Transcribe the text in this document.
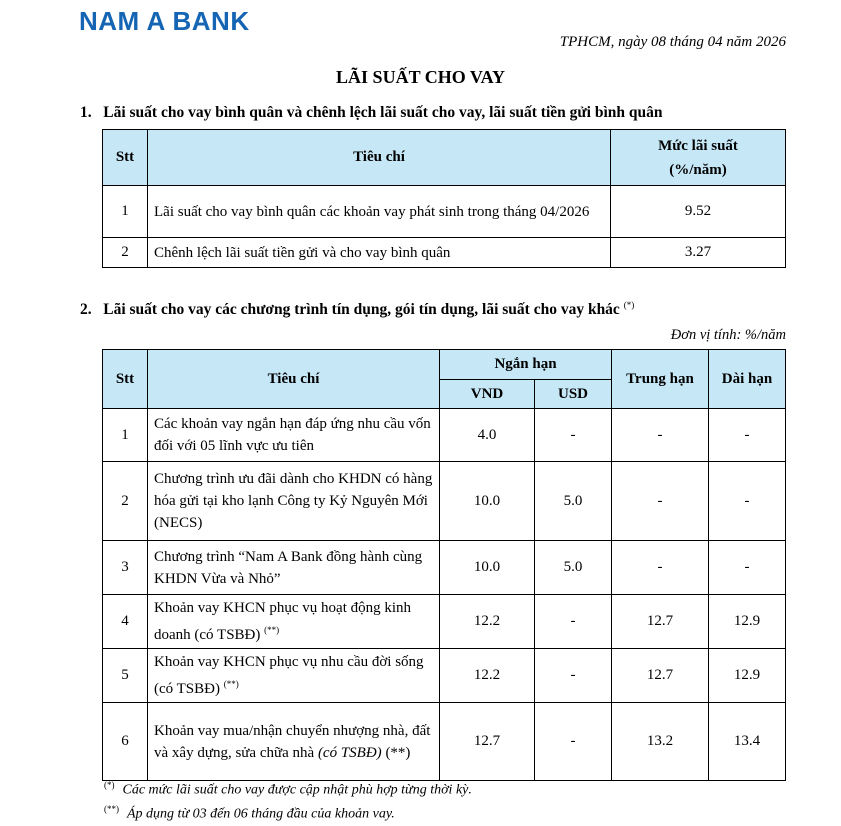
NAM A BANK
TPHCM, ngày 08 tháng 04 năm 2026
LÃI SUẤT CHO VAY
1.   Lãi suất cho vay bình quân và chênh lệch lãi suất cho vay, lãi suất tiền gửi bình quân
Stt	Tiêu chí	Mức lãi suất
(%/năm)
1	Lãi suất cho vay bình quân các khoản vay phát sinh trong tháng 04/2026	9.52
2	Chênh lệch lãi suất tiền gửi và cho vay bình quân	3.27
2.   Lãi suất cho vay các chương trình tín dụng, gói tín dụng, lãi suất cho vay khác (*)
Đơn vị tính: %/năm
Stt	Tiêu chí	Ngắn hạn		Trung hạn	Dài hạn
		VND	USD		
1	Các khoản vay ngắn hạn đáp ứng nhu cầu vốn đối với 05 lĩnh vực ưu tiên	4.0	-	-	-
2	Chương trình ưu đãi dành cho KHDN có hàng hóa gửi tại kho lạnh Công ty Kỷ Nguyên Mới (NECS)	10.0	5.0	-	-
3	Chương trình “Nam A Bank đồng hành cùng KHDN Vừa và Nhỏ”	10.0	5.0	-	-
4	Khoản vay KHCN phục vụ hoạt động kinh doanh (có TSBĐ) (**)	12.2	-	12.7	12.9
5	Khoản vay KHCN phục vụ nhu cầu đời sống (có TSBĐ) (**)	12.2	-	12.7	12.9
6	Khoản vay mua/nhận chuyển nhượng nhà, đất và xây dựng, sửa chữa nhà (có TSBĐ) (**)	12.7	-	13.2	13.4
(*) Các mức lãi suất cho vay được cập nhật phù hợp từng thời kỳ.
(**) Áp dụng từ 03 đến 06 tháng đầu của khoản vay.
